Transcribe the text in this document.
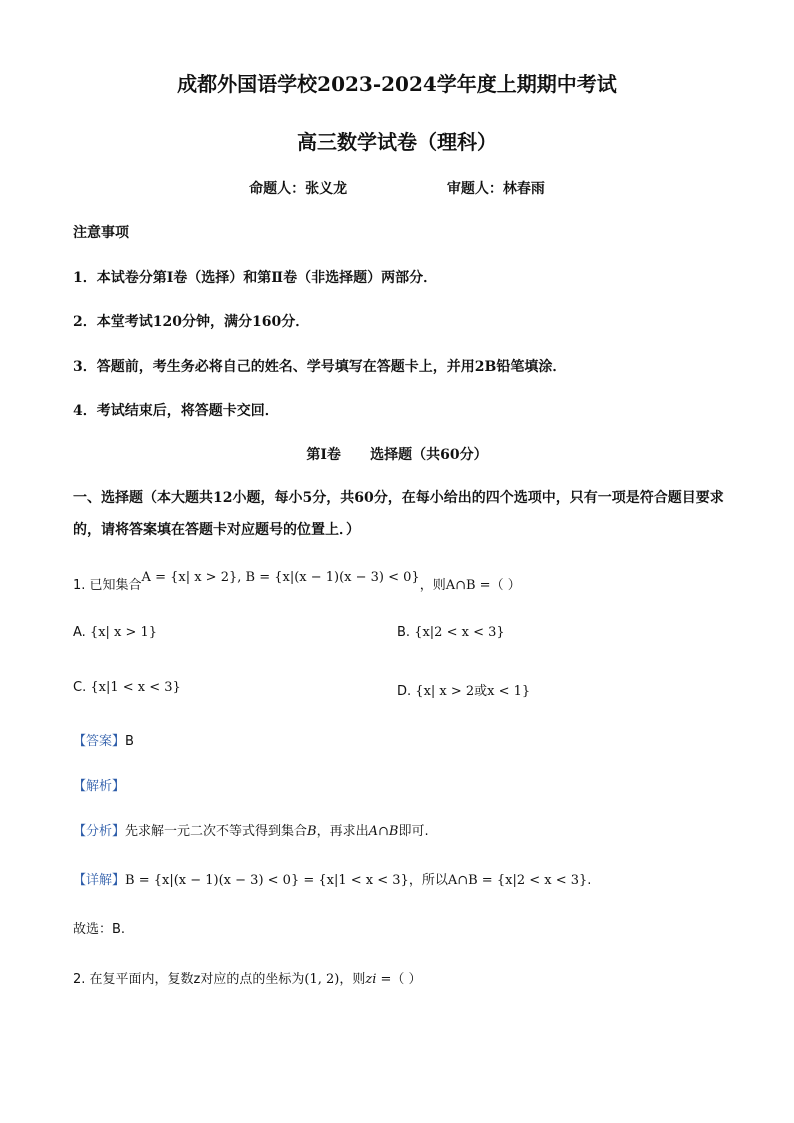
成都外国语学校2023-2024学年度上期期中考试
高三数学试卷（理科）
命题人：张义龙	审题人：林春雨
注意事项
1．本试卷分第Ⅰ卷（选择）和第Ⅱ卷（非选择题）两部分．
2．本堂考试120分钟，满分160分．
3．答题前，考生务必将自己的姓名、学号填写在答题卡上，并用2B铅笔填涂．
4．考试结束后，将答题卡交回．
第Ⅰ卷      选择题（共60分）
一、选择题（本大题共12小题，每小5分，共60分，在每小给出的四个选项中，只有一项是符合题目要求的，请将答案填在答题卡对应题号的位置上．）
1. 已知集合A = {x| x > 2}, B = {x|(x − 1)(x − 3) < 0}，则A∩B =（ ）
A. {x| x > 1}	B. {x|2 < x < 3}
C. {x|1 < x < 3}	D. {x| x > 2或x < 1}
【答案】B
【解析】
【分析】先求解一元二次不等式得到集合B，再求出A∩B即可.
【详解】B = {x|(x − 1)(x − 3) < 0} = {x|1 < x < 3}，所以A∩B = {x|2 < x < 3}.
故选：B.
2. 在复平面内，复数z对应的点的坐标为(1, 2)，则zi =（ ）
